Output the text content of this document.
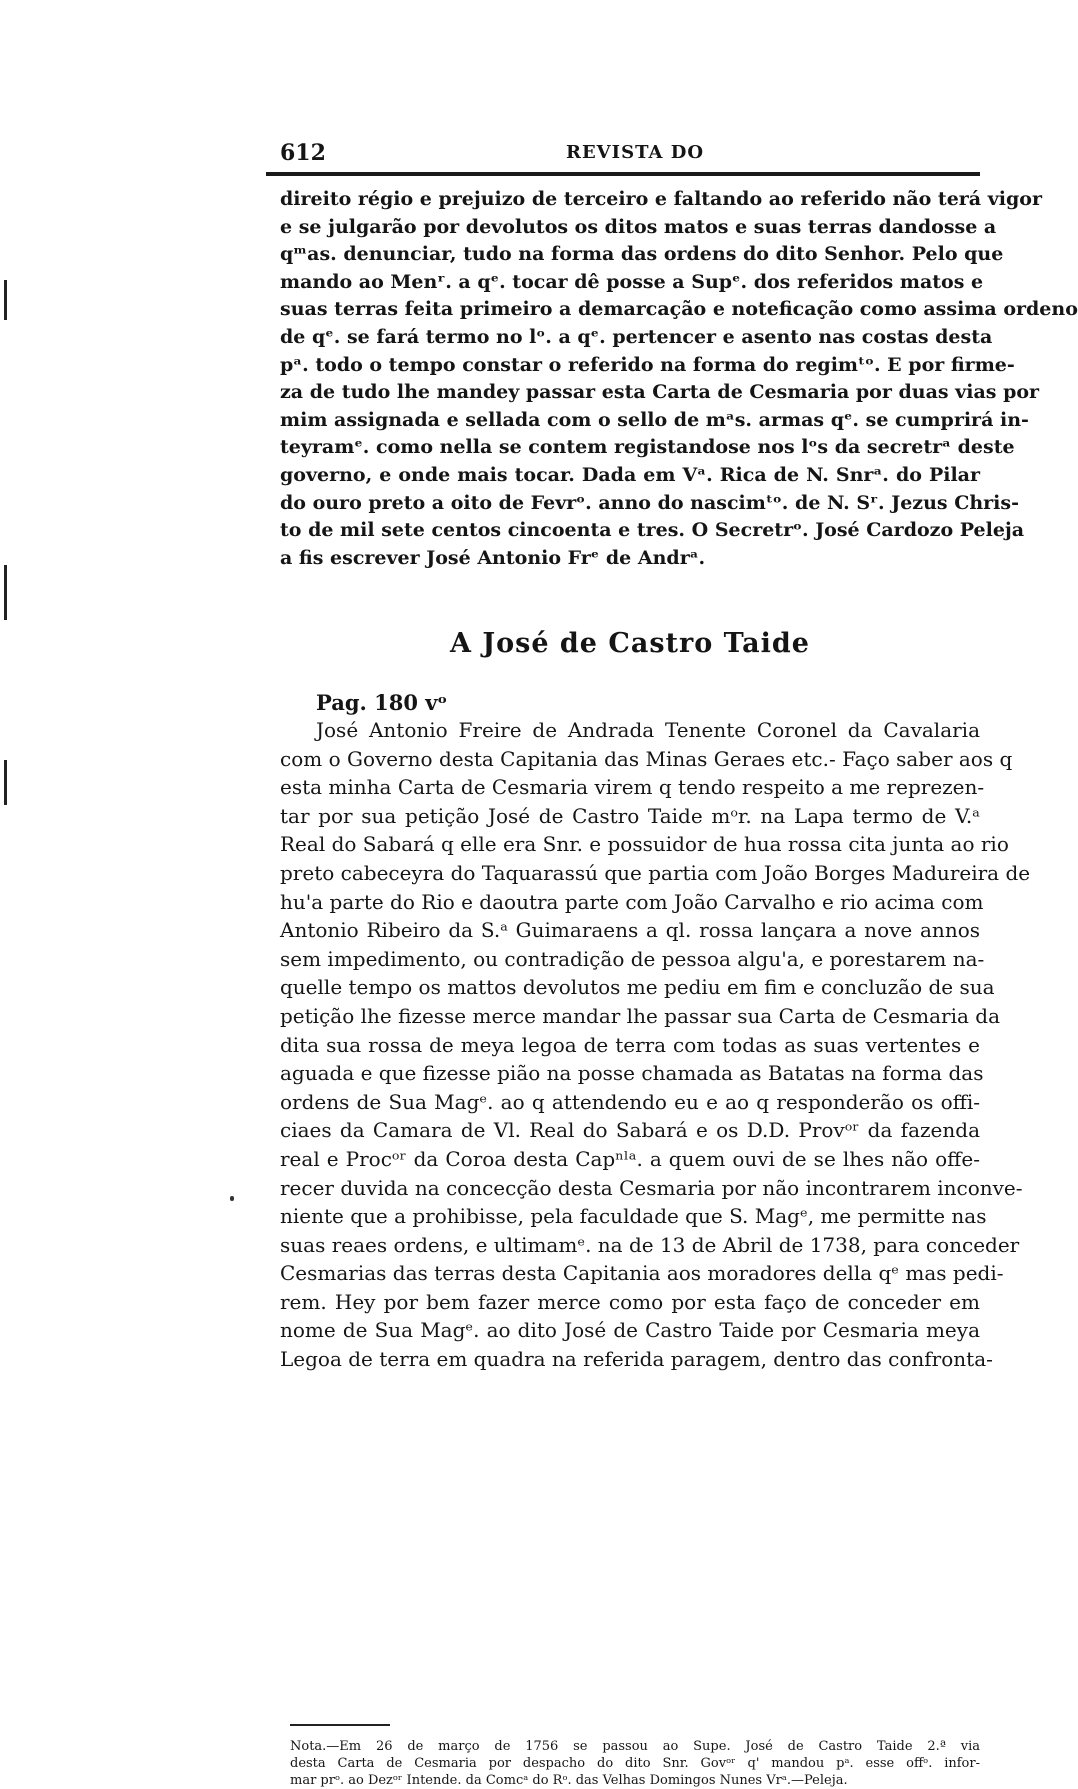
612	REVISTA DO
direito régio e prejuizo de terceiro e faltando ao referido não terá vigor
e se julgarão por devolutos os ditos matos e suas terras dandosse a
qᵐas. denunciar, tudo na forma das ordens do dito Senhor. Pelo que
mando ao Menʳ. a qᵉ. tocar dê posse a Supᵉ. dos referidos matos e
suas terras feita primeiro a demarcação e noteficação como assima ordeno
de qᵉ. se fará termo no lᵒ. a qᵉ. pertencer e asento nas costas desta
pᵃ. todo o tempo constar o referido na forma do regimᵗᵒ. E por firme-
za de tudo lhe mandey passar esta Carta de Cesmaria por duas vias por
mim assignada e sellada com o sello de mᵃs. armas qᵉ. se cumprirá in-
teyramᵉ. como nella se contem registandose nos lᵒs da secretrᵃ deste
governo, e onde mais tocar. Dada em Vᵃ. Rica de N. Snrᵃ. do Pilar
do ouro preto a oito de Fevrᵒ. anno do nascimᵗᵒ. de N. Sʳ. Jezus Chris-
to de mil sete centos cincoenta e tres. O Secretrᵒ. José Cardozo Peleja
a fis escrever José Antonio Frᵉ de Andrᵃ.
A José de Castro Taide
Pag. 180 vᵒ
José Antonio Freire de Andrada Tenente Coronel da Cavalaria
com o Governo desta Capitania das Minas Geraes etc.- Faço saber aos q
esta minha Carta de Cesmaria virem q tendo respeito a me reprezen-
tar por sua petição José de Castro Taide mᵒr. na Lapa termo de V.ᵃ
Real do Sabará q elle era Snr. e possuidor de hua rossa cita junta ao rio
preto cabeceyra do Taquarassú que partia com João Borges Madureira de
hu'a parte do Rio e daoutra parte com João Carvalho e rio acima com
Antonio Ribeiro da S.ᵃ Guimaraens a ql. rossa lançara a nove annos
sem impedimento, ou contradição de pessoa algu'a, e porestarem na-
quelle tempo os mattos devolutos me pediu em fim e concluzão de sua
petição lhe fizesse merce mandar lhe passar sua Carta de Cesmaria da
dita sua rossa de meya legoa de terra com todas as suas vertentes e
aguada e que fizesse pião na posse chamada as Batatas na forma das
ordens de Sua Magᵉ. ao q attendendo eu e ao q responderão os offi-
ciaes da Camara de Vl. Real do Sabará e os D.D. Provᵒʳ da fazenda
real e Procᵒʳ da Coroa desta Capⁿˡᵃ. a quem ouvi de se lhes não offe-
recer duvida na concecção desta Cesmaria por não incontrarem inconve-
niente que a prohibisse, pela faculdade que S. Magᵉ, me permitte nas
suas reaes ordens, e ultimamᵉ. na de 13 de Abril de 1738, para conceder
Cesmarias das terras desta Capitania aos moradores della qᵉ mas pedi-
rem. Hey por bem fazer merce como por esta faço de conceder em
nome de Sua Magᵉ. ao dito José de Castro Taide por Cesmaria meya
Legoa de terra em quadra na referida paragem, dentro das confronta-
Nota.—Em 26 de março de 1756 se passou ao Supe. José de Castro Taide 2.ª via
desta Carta de Cesmaria por despacho do dito Snr. Govᵒʳ q' mandou pᵃ. esse offᵒ. infor-
mar prᵒ. ao Dezᵒʳ Intende. da Comcᵃ do Rᵒ. das Velhas Domingos Nunes Vrᵃ.—Peleja.
